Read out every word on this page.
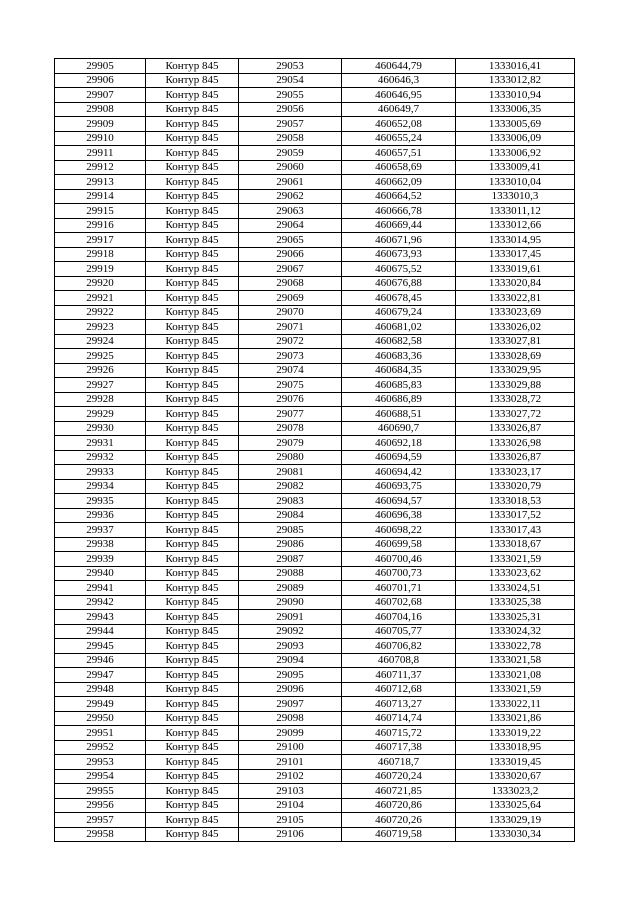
29905	Контур 845	29053	460644,79	1333016,41
29906	Контур 845	29054	460646,3	1333012,82
29907	Контур 845	29055	460646,95	1333010,94
29908	Контур 845	29056	460649,7	1333006,35
29909	Контур 845	29057	460652,08	1333005,69
29910	Контур 845	29058	460655,24	1333006,09
29911	Контур 845	29059	460657,51	1333006,92
29912	Контур 845	29060	460658,69	1333009,41
29913	Контур 845	29061	460662,09	1333010,04
29914	Контур 845	29062	460664,52	1333010,3
29915	Контур 845	29063	460666,78	1333011,12
29916	Контур 845	29064	460669,44	1333012,66
29917	Контур 845	29065	460671,96	1333014,95
29918	Контур 845	29066	460673,93	1333017,45
29919	Контур 845	29067	460675,52	1333019,61
29920	Контур 845	29068	460676,88	1333020,84
29921	Контур 845	29069	460678,45	1333022,81
29922	Контур 845	29070	460679,24	1333023,69
29923	Контур 845	29071	460681,02	1333026,02
29924	Контур 845	29072	460682,58	1333027,81
29925	Контур 845	29073	460683,36	1333028,69
29926	Контур 845	29074	460684,35	1333029,95
29927	Контур 845	29075	460685,83	1333029,88
29928	Контур 845	29076	460686,89	1333028,72
29929	Контур 845	29077	460688,51	1333027,72
29930	Контур 845	29078	460690,7	1333026,87
29931	Контур 845	29079	460692,18	1333026,98
29932	Контур 845	29080	460694,59	1333026,87
29933	Контур 845	29081	460694,42	1333023,17
29934	Контур 845	29082	460693,75	1333020,79
29935	Контур 845	29083	460694,57	1333018,53
29936	Контур 845	29084	460696,38	1333017,52
29937	Контур 845	29085	460698,22	1333017,43
29938	Контур 845	29086	460699,58	1333018,67
29939	Контур 845	29087	460700,46	1333021,59
29940	Контур 845	29088	460700,73	1333023,62
29941	Контур 845	29089	460701,71	1333024,51
29942	Контур 845	29090	460702,68	1333025,38
29943	Контур 845	29091	460704,16	1333025,31
29944	Контур 845	29092	460705,77	1333024,32
29945	Контур 845	29093	460706,82	1333022,78
29946	Контур 845	29094	460708,8	1333021,58
29947	Контур 845	29095	460711,37	1333021,08
29948	Контур 845	29096	460712,68	1333021,59
29949	Контур 845	29097	460713,27	1333022,11
29950	Контур 845	29098	460714,74	1333021,86
29951	Контур 845	29099	460715,72	1333019,22
29952	Контур 845	29100	460717,38	1333018,95
29953	Контур 845	29101	460718,7	1333019,45
29954	Контур 845	29102	460720,24	1333020,67
29955	Контур 845	29103	460721,85	1333023,2
29956	Контур 845	29104	460720,86	1333025,64
29957	Контур 845	29105	460720,26	1333029,19
29958	Контур 845	29106	460719,58	1333030,34
